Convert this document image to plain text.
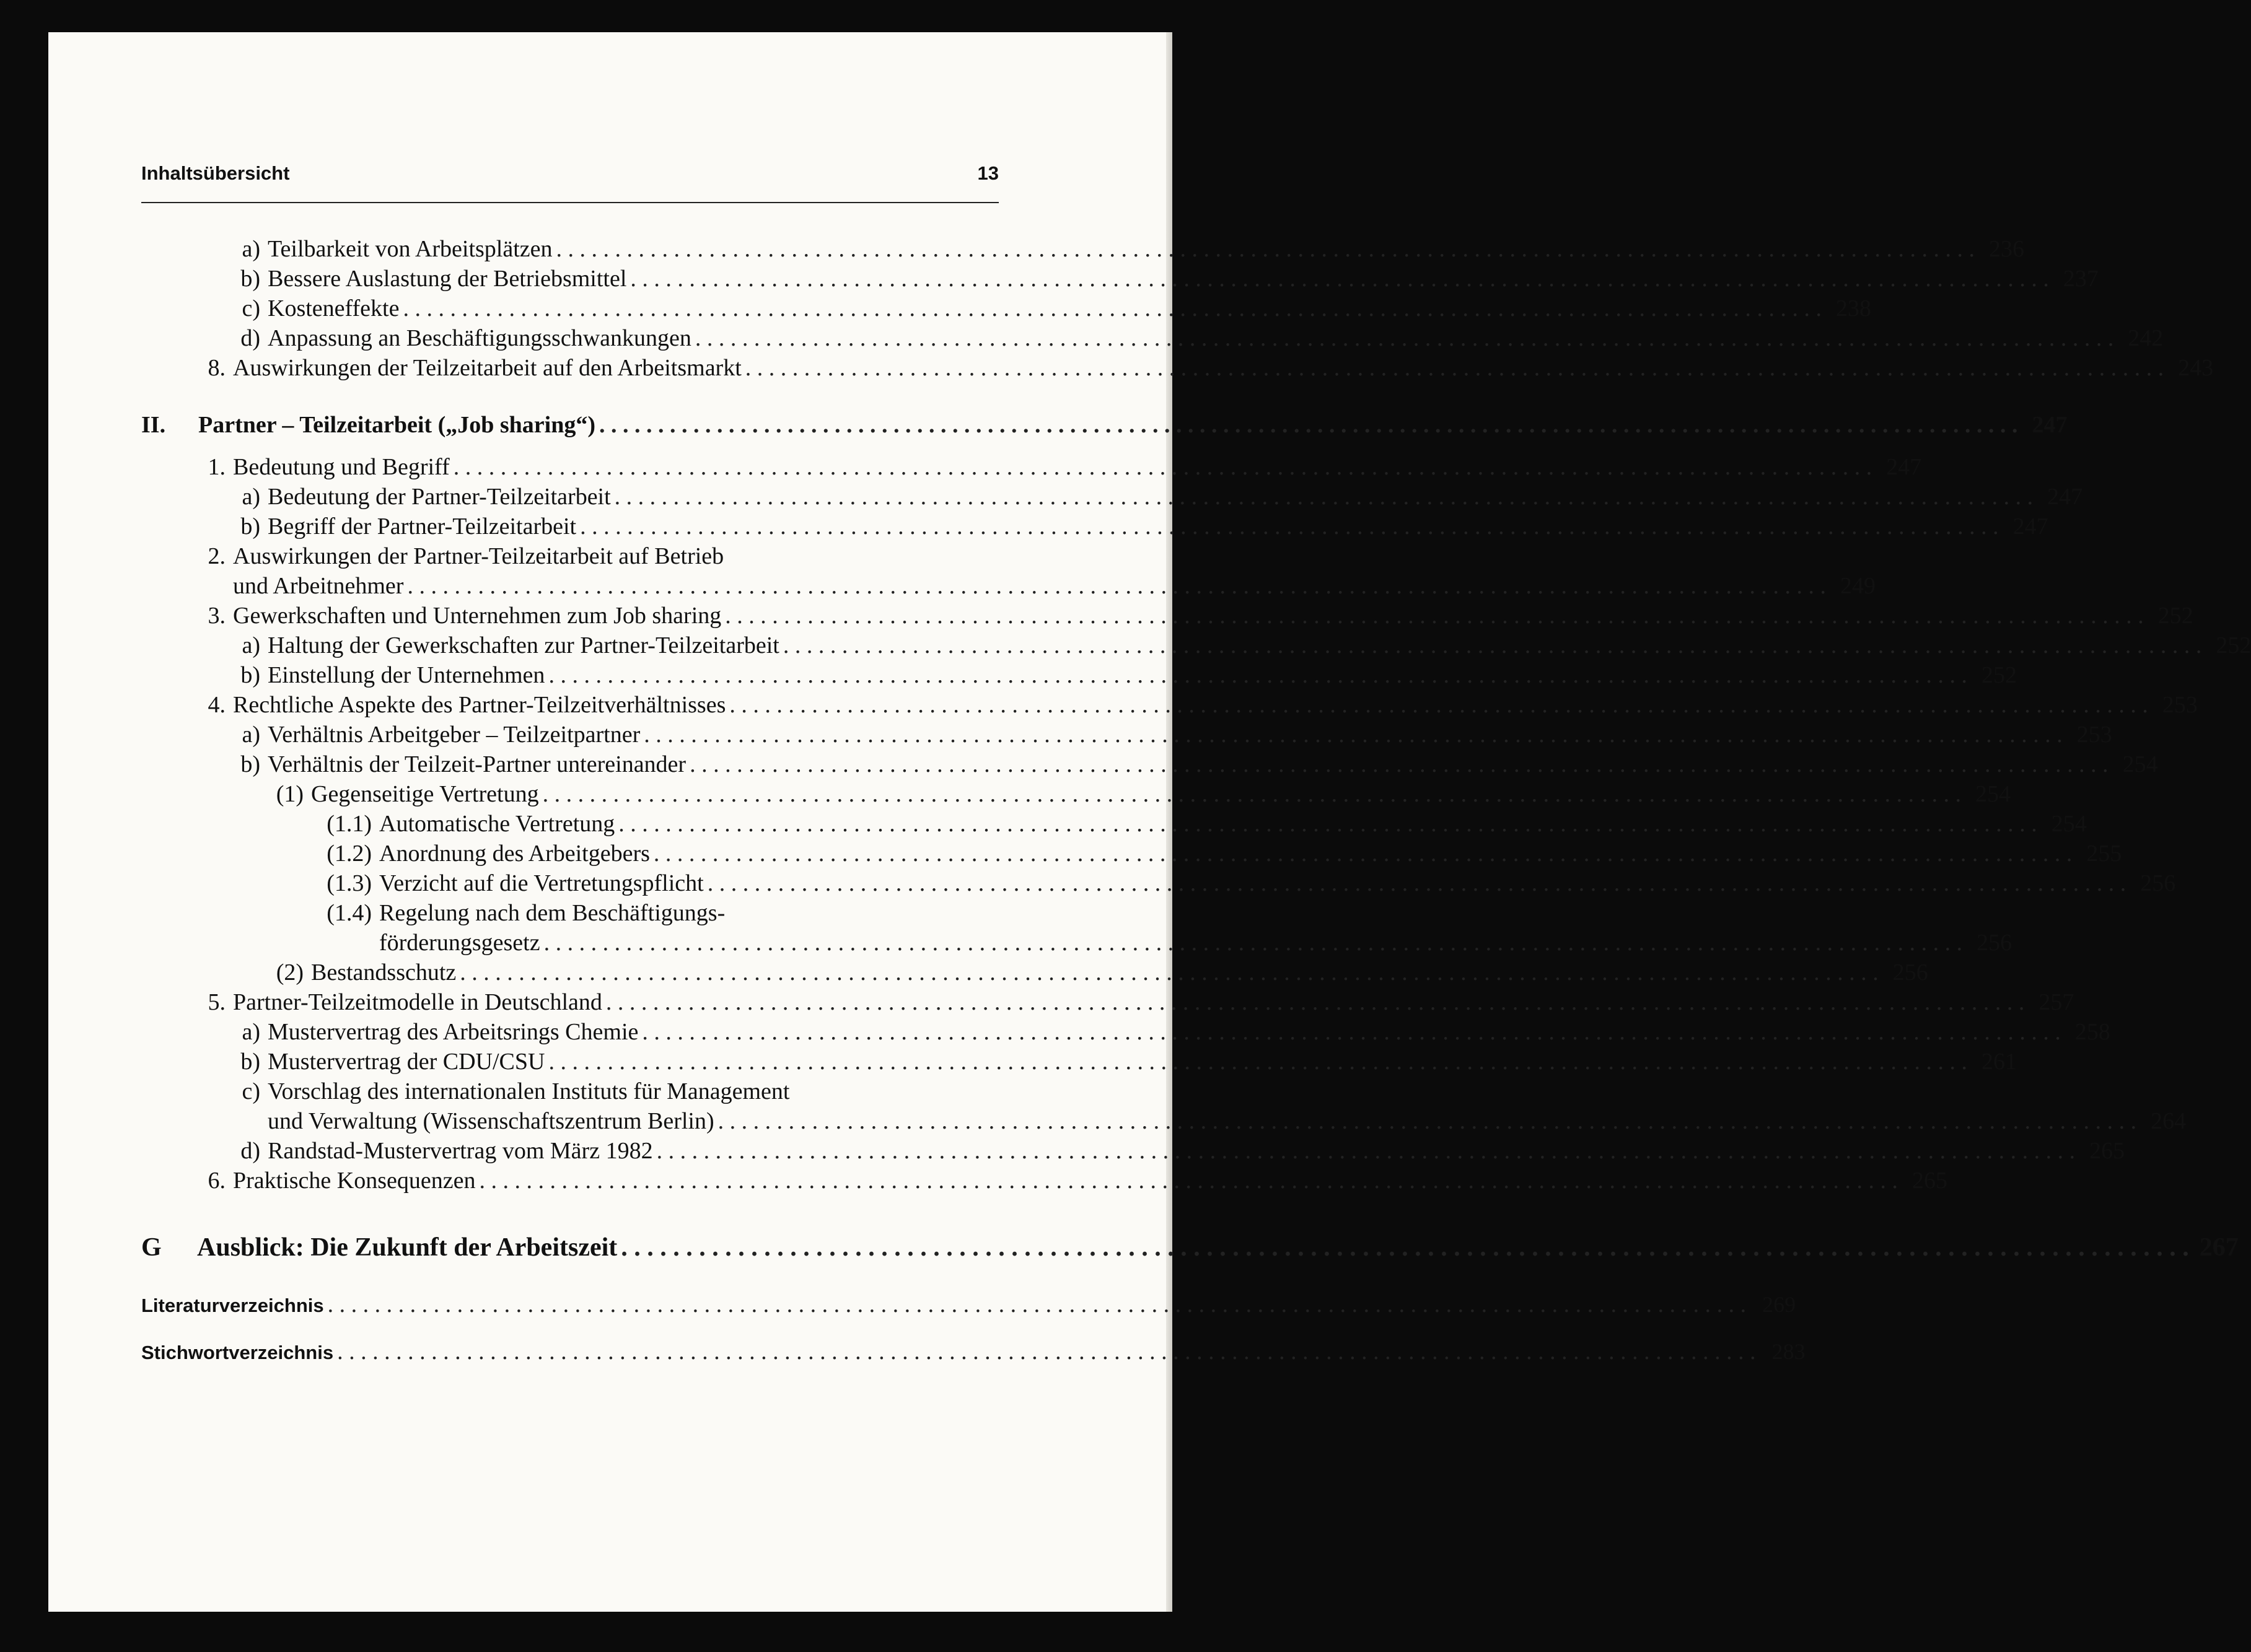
Inhaltsübersicht	13
a) Teilbarkeit von Arbeitsplätzen . . .	236
b) Bessere Auslastung der Betriebsmittel . . .	237
c) Kosteneffekte . . .	238
d) Anpassung an Beschäftigungsschwankungen . . .	242
8. Auswirkungen der Teilzeitarbeit auf den Arbeitsmarkt . . .	243
II.	Partner – Teilzeitarbeit („Job sharing“) . . .	247
1. Bedeutung und Begriff . . .	247
a) Bedeutung der Partner-Teilzeitarbeit . . .	247
b) Begriff der Partner-Teilzeitarbeit . . .	247
2. Auswirkungen der Partner-Teilzeitarbeit auf Betrieb
und Arbeitnehmer . . .	249
3. Gewerkschaften und Unternehmen zum Job sharing . . .	252
a) Haltung der Gewerkschaften zur Partner-Teilzeitarbeit . . .	252
b) Einstellung der Unternehmen . . .	252
4. Rechtliche Aspekte des Partner-Teilzeitverhältnisses . . .	253
a) Verhältnis Arbeitgeber – Teilzeitpartner . . .	253
b) Verhältnis der Teilzeit-Partner untereinander . . .	254
(1) Gegenseitige Vertretung . . .	254
(1.1) Automatische Vertretung . . .	254
(1.2) Anordnung des Arbeitgebers . . .	255
(1.3) Verzicht auf die Vertretungspflicht . . .	256
(1.4) Regelung nach dem Beschäftigungs-
förderungsgesetz . . .	256
(2) Bestandsschutz . . .	256
5. Partner-Teilzeitmodelle in Deutschland . . .	257
a) Mustervertrag des Arbeitsrings Chemie . . .	258
b) Mustervertrag der CDU/CSU . . .	261
c) Vorschlag des internationalen Instituts für Management
und Verwaltung (Wissenschaftszentrum Berlin) . . .	264
d) Randstad-Mustervertrag vom März 1982 . . .	265
6. Praktische Konsequenzen . . .	265
G	Ausblick: Die Zukunft der Arbeitszeit . . .	267
Literaturverzeichnis . . .	269
Stichwortverzeichnis . . .	283
